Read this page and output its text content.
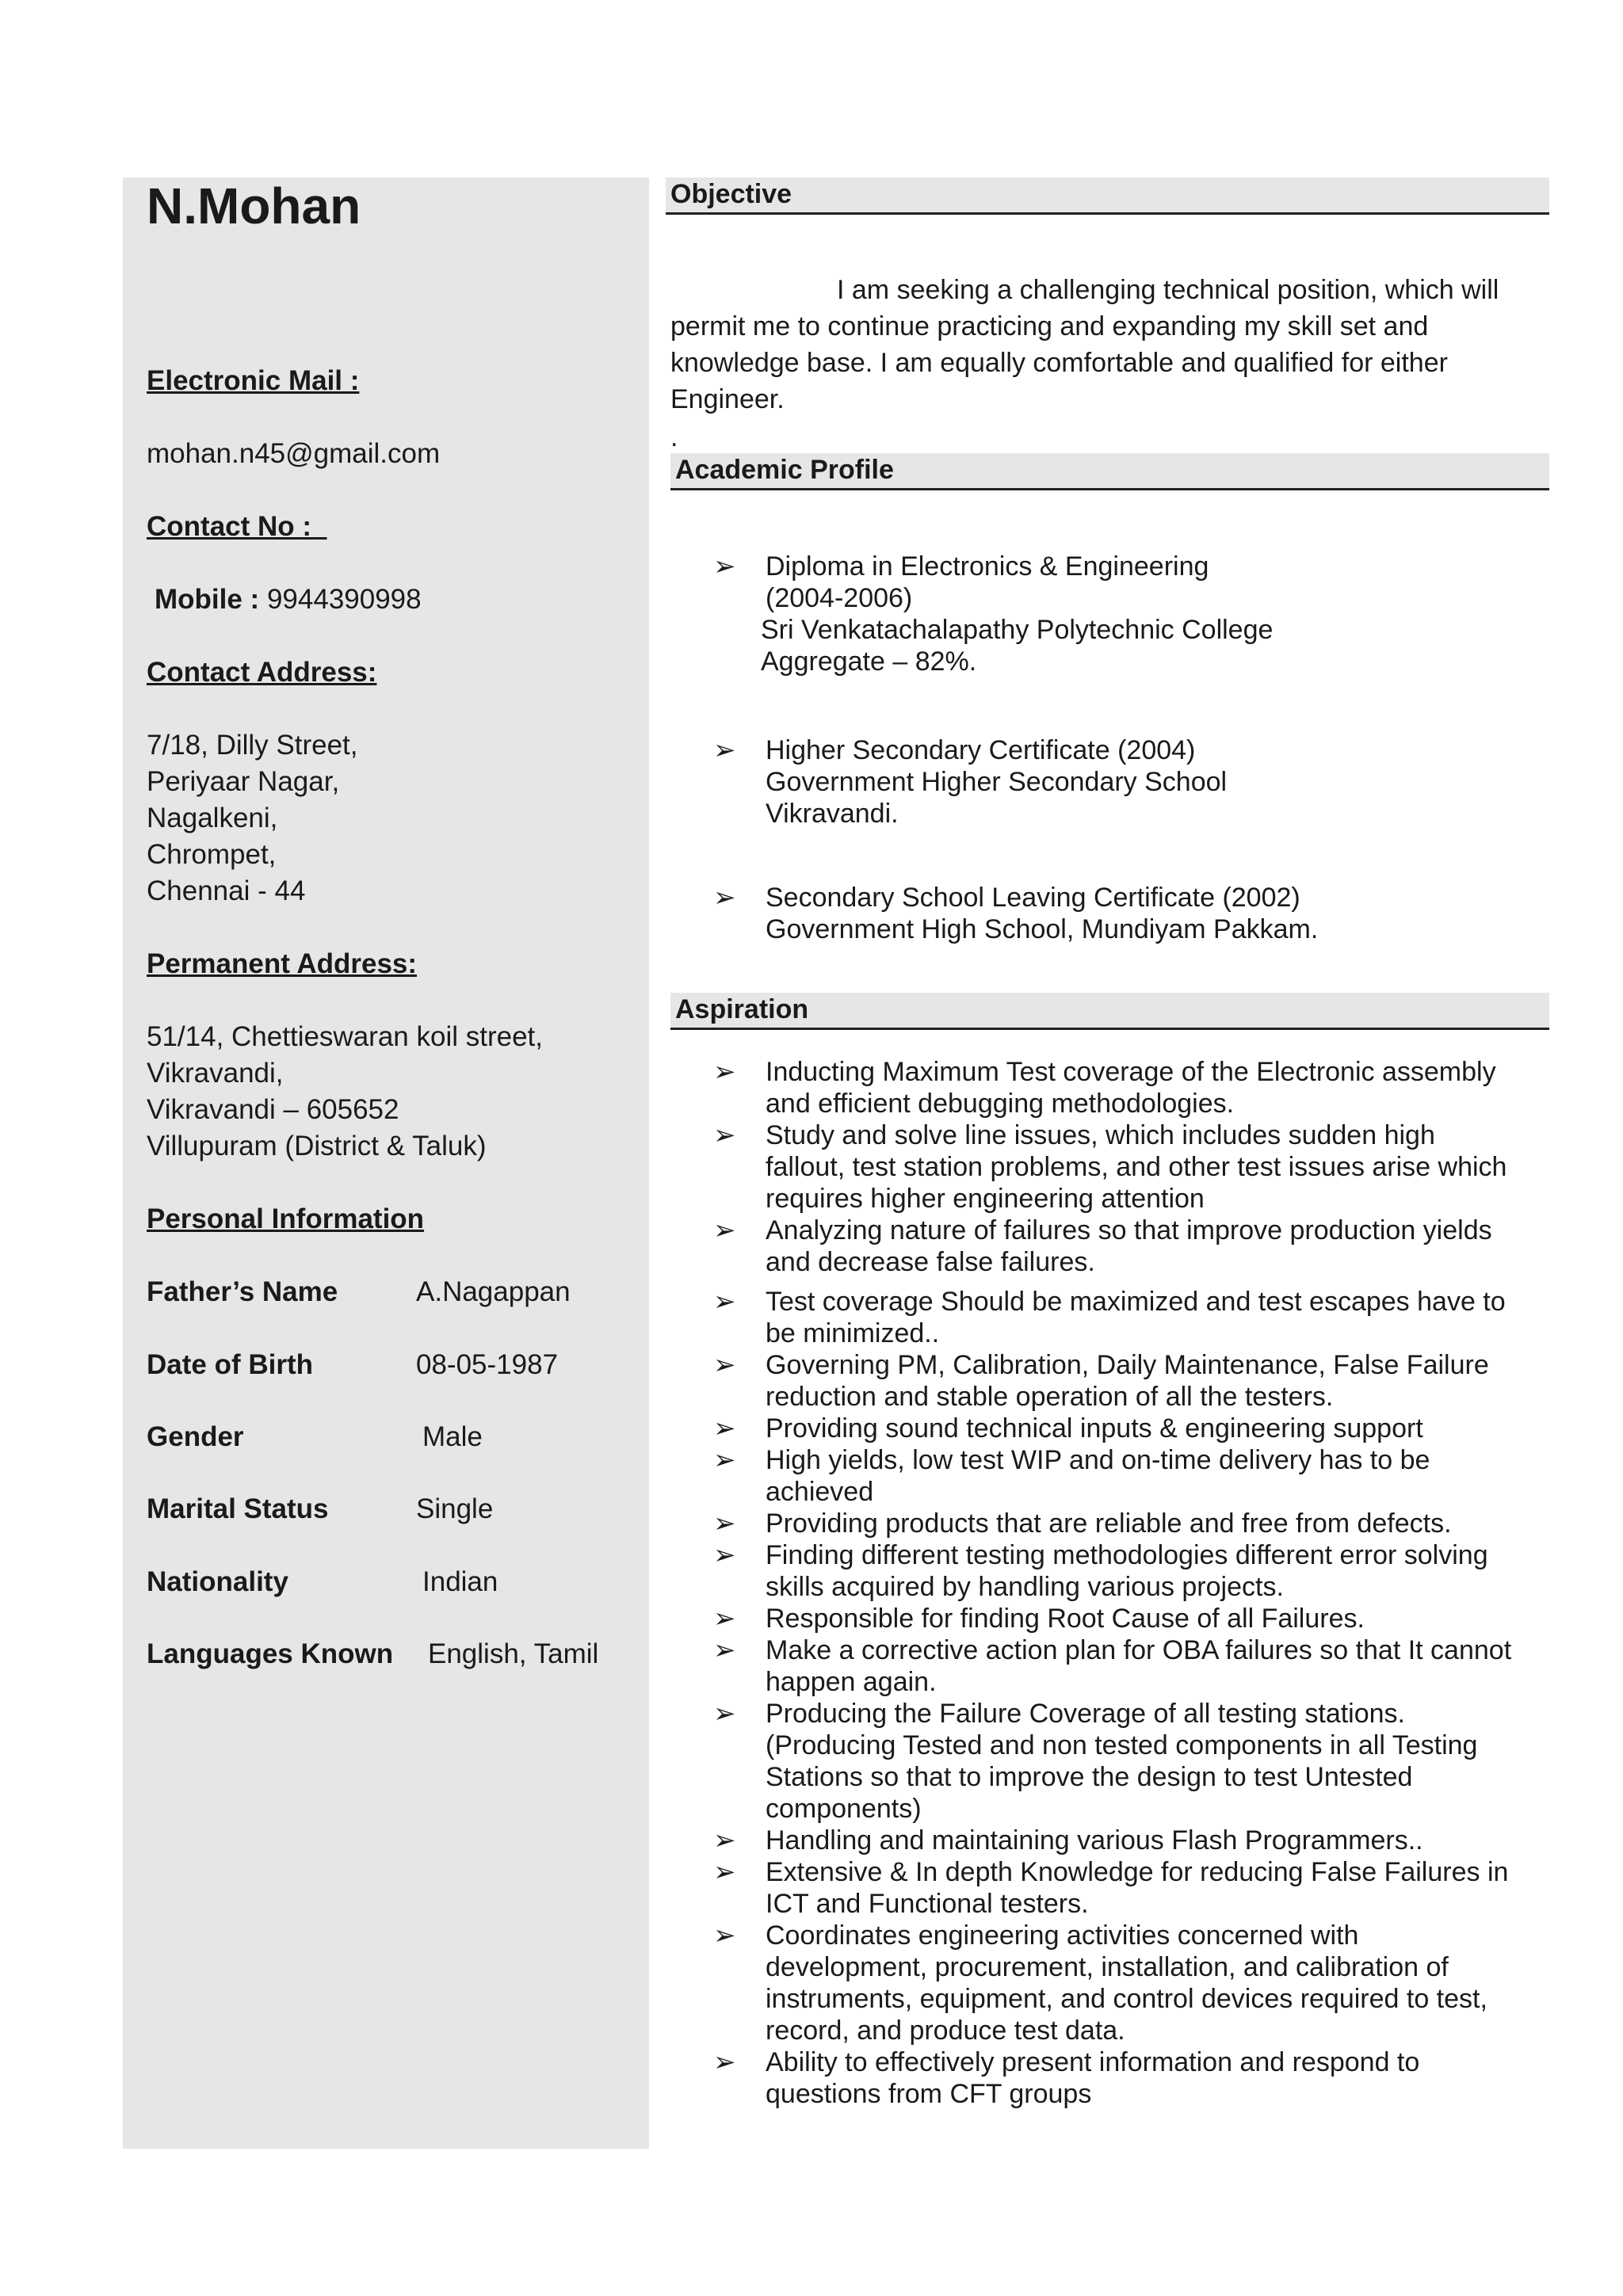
N.Mohan
Electronic Mail :
mohan.n45@gmail.com
Contact No :
Mobile : 9944390998
Contact Address:
7/18, Dilly Street,
Periyaar Nagar,
Nagalkeni,
Chrompet,
Chennai - 44
Permanent Address:
51/14, Chettieswaran koil street,
Vikravandi,
Vikravandi – 605652
Villupuram (District & Taluk)
Personal Information
Father’s Name	A.Nagappan
Date of Birth	08-05-1987
Gender	Male
Marital Status	Single
Nationality	Indian
Languages Known English, Tamil
Objective
I am seeking a challenging technical position, which will permit me to continue practicing and expanding my skill set and knowledge base. I am equally comfortable and qualified for either Engineer.
.
Academic Profile
➢ Diploma in Electronics & Engineering
(2004-2006)
Sri Venkatachalapathy Polytechnic College
Aggregate – 82%.
➢ Higher Secondary Certificate (2004)
Government Higher Secondary School
Vikravandi.
➢ Secondary School Leaving Certificate (2002)
Government High School, Mundiyam Pakkam.
Aspiration
➢ Inducting Maximum Test coverage of the Electronic assembly and efficient debugging methodologies.
➢ Study and solve line issues, which includes sudden high fallout, test station problems, and other test issues arise which requires higher engineering attention
➢ Analyzing nature of failures so that improve production yields and decrease false failures.
➢ Test coverage Should be maximized and test escapes have to be minimized..
➢ Governing PM, Calibration, Daily Maintenance, False Failure reduction and stable operation of all the testers.
➢ Providing sound technical inputs & engineering support
➢ High yields, low test WIP and on-time delivery has to be achieved
➢ Providing products that are reliable and free from defects.
➢ Finding different testing methodologies different error solving skills acquired by handling various projects.
➢ Responsible for finding Root Cause of all Failures.
➢ Make a corrective action plan for OBA failures so that It cannot happen again.
➢ Producing the Failure Coverage of all testing stations. (Producing Tested and non tested components in all Testing Stations so that to improve the design to test Untested components)
➢ Handling and maintaining various Flash Programmers..
➢ Extensive & In depth Knowledge for reducing False Failures in ICT and Functional testers.
➢ Coordinates engineering activities concerned with development, procurement, installation, and calibration of instruments, equipment, and control devices required to test, record, and produce test data.
➢ Ability to effectively present information and respond to questions from CFT groups
